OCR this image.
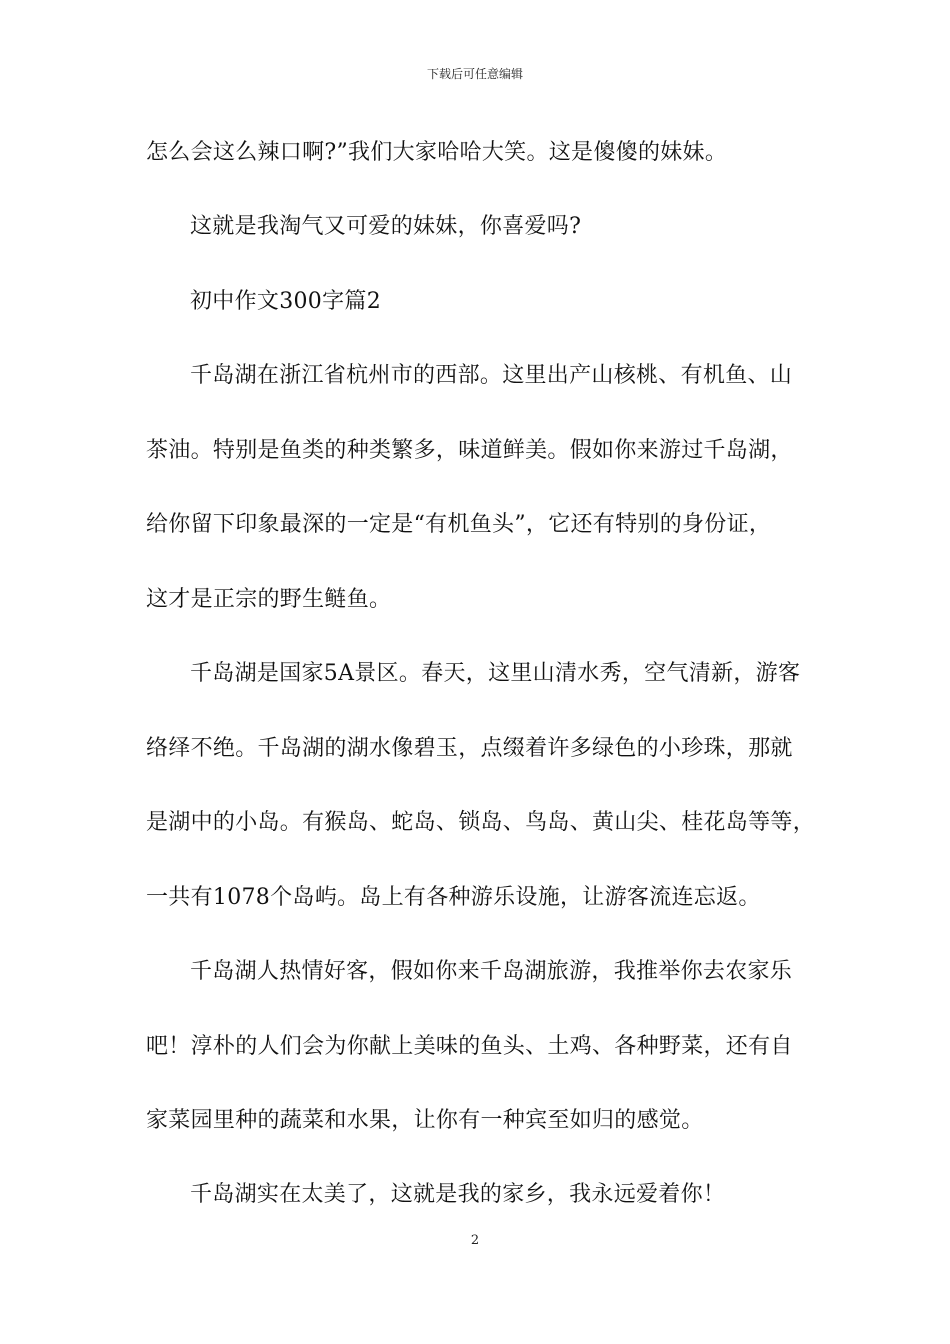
下载后可任意编辑
怎么会这么辣口啊?”我们大家哈哈大笑。这是傻傻的妹妹。
这就是我淘气又可爱的妹妹，你喜爱吗?
初中作文300字篇2
千岛湖在浙江省杭州市的西部。这里出产山核桃、有机鱼、山
茶油。特别是鱼类的种类繁多，味道鲜美。假如你来游过千岛湖，
给你留下印象最深的一定是“有机鱼头”，它还有特别的身份证，
这才是正宗的野生鲢鱼。
千岛湖是国家5A景区。春天，这里山清水秀，空气清新，游客
络绎不绝。千岛湖的湖水像碧玉，点缀着许多绿色的小珍珠，那就
是湖中的小岛。有猴岛、蛇岛、锁岛、鸟岛、黄山尖、桂花岛等等，
一共有1078个岛屿。岛上有各种游乐设施，让游客流连忘返。
千岛湖人热情好客，假如你来千岛湖旅游，我推举你去农家乐
吧！淳朴的人们会为你献上美味的鱼头、土鸡、各种野菜，还有自
家菜园里种的蔬菜和水果，让你有一种宾至如归的感觉。
千岛湖实在太美了，这就是我的家乡，我永远爱着你！
2
